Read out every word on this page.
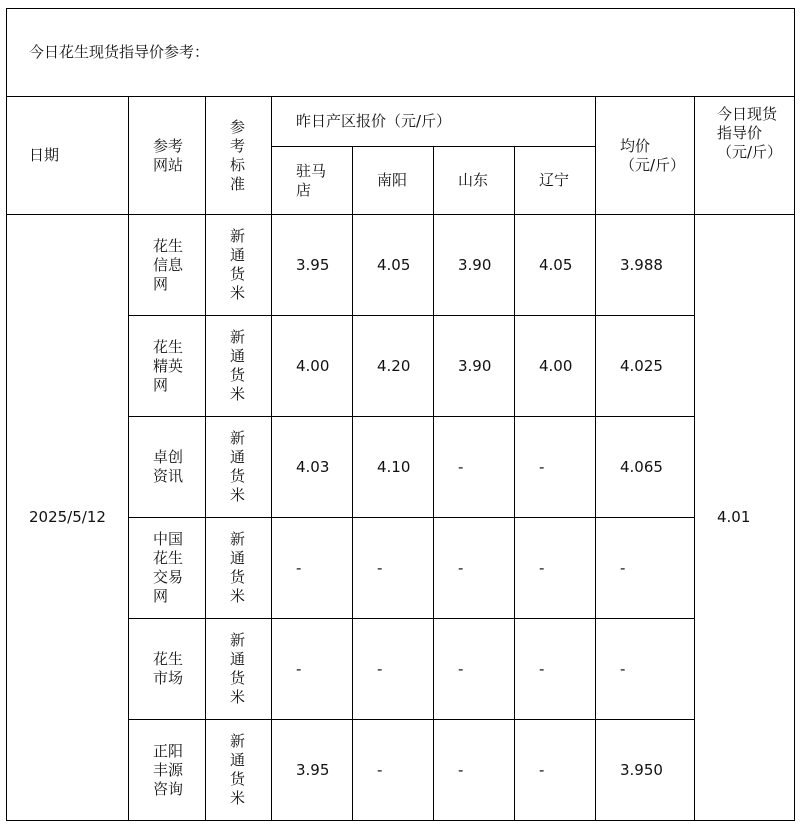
今日花生现货指导价参考：								
日期	参考网站	参考标准	昨日产区报价（元/斤）				均价（元/斤）	今日现货指导价（元/斤）
			驻马店	南阳	山东	辽宁		
2025/5/12	花生信息网	新通货米	3.95	4.05	3.90	4.05	3.988	4.01
	花生精英网	新通货米	4.00	4.20	3.90	4.00	4.025	
	卓创资讯	新通货米	4.03	4.10	-	-	4.065	
	中国花生交易网	新通货米	-	-	-	-	-	
	花生市场	新通货米	-	-	-	-	-	
	正阳丰源咨询	新通货米	3.95	-	-	-	3.950	
